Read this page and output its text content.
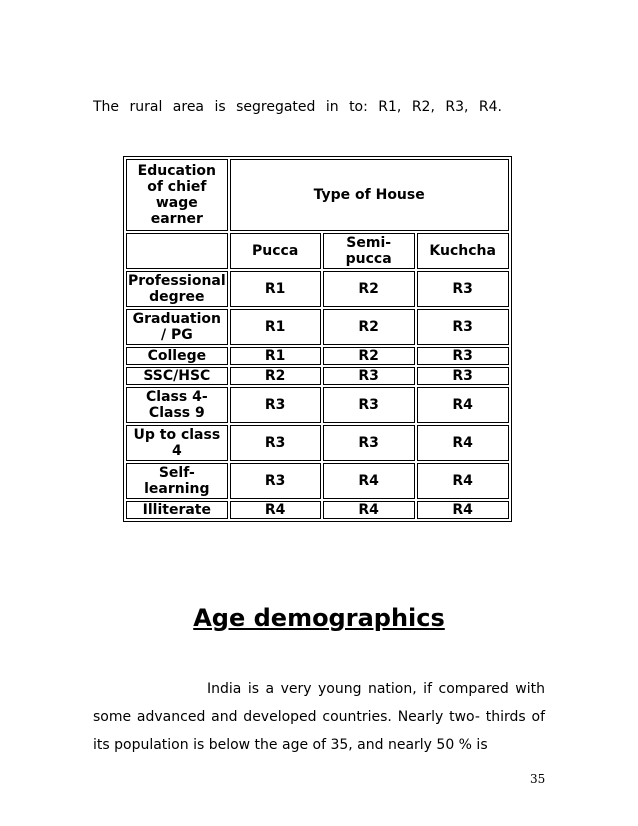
The rural area is segregated in to: R1, R2, R3, R4.
Education of chief wage earner	Type of House		
	Pucca	Semi-pucca	Kuchcha
Professional degree	R1	R2	R3
Graduation / PG	R1	R2	R3
College	R1	R2	R3
SSC/HSC	R2	R3	R3
Class 4- Class 9	R3	R3	R4
Up to class 4	R3	R3	R4
Self-learning	R3	R4	R4
Illiterate	R4	R4	R4
Age demographics

India is a very young nation, if compared with some advanced and developed countries. Nearly two- thirds of its population is below the age of 35, and nearly 50 % is

35
